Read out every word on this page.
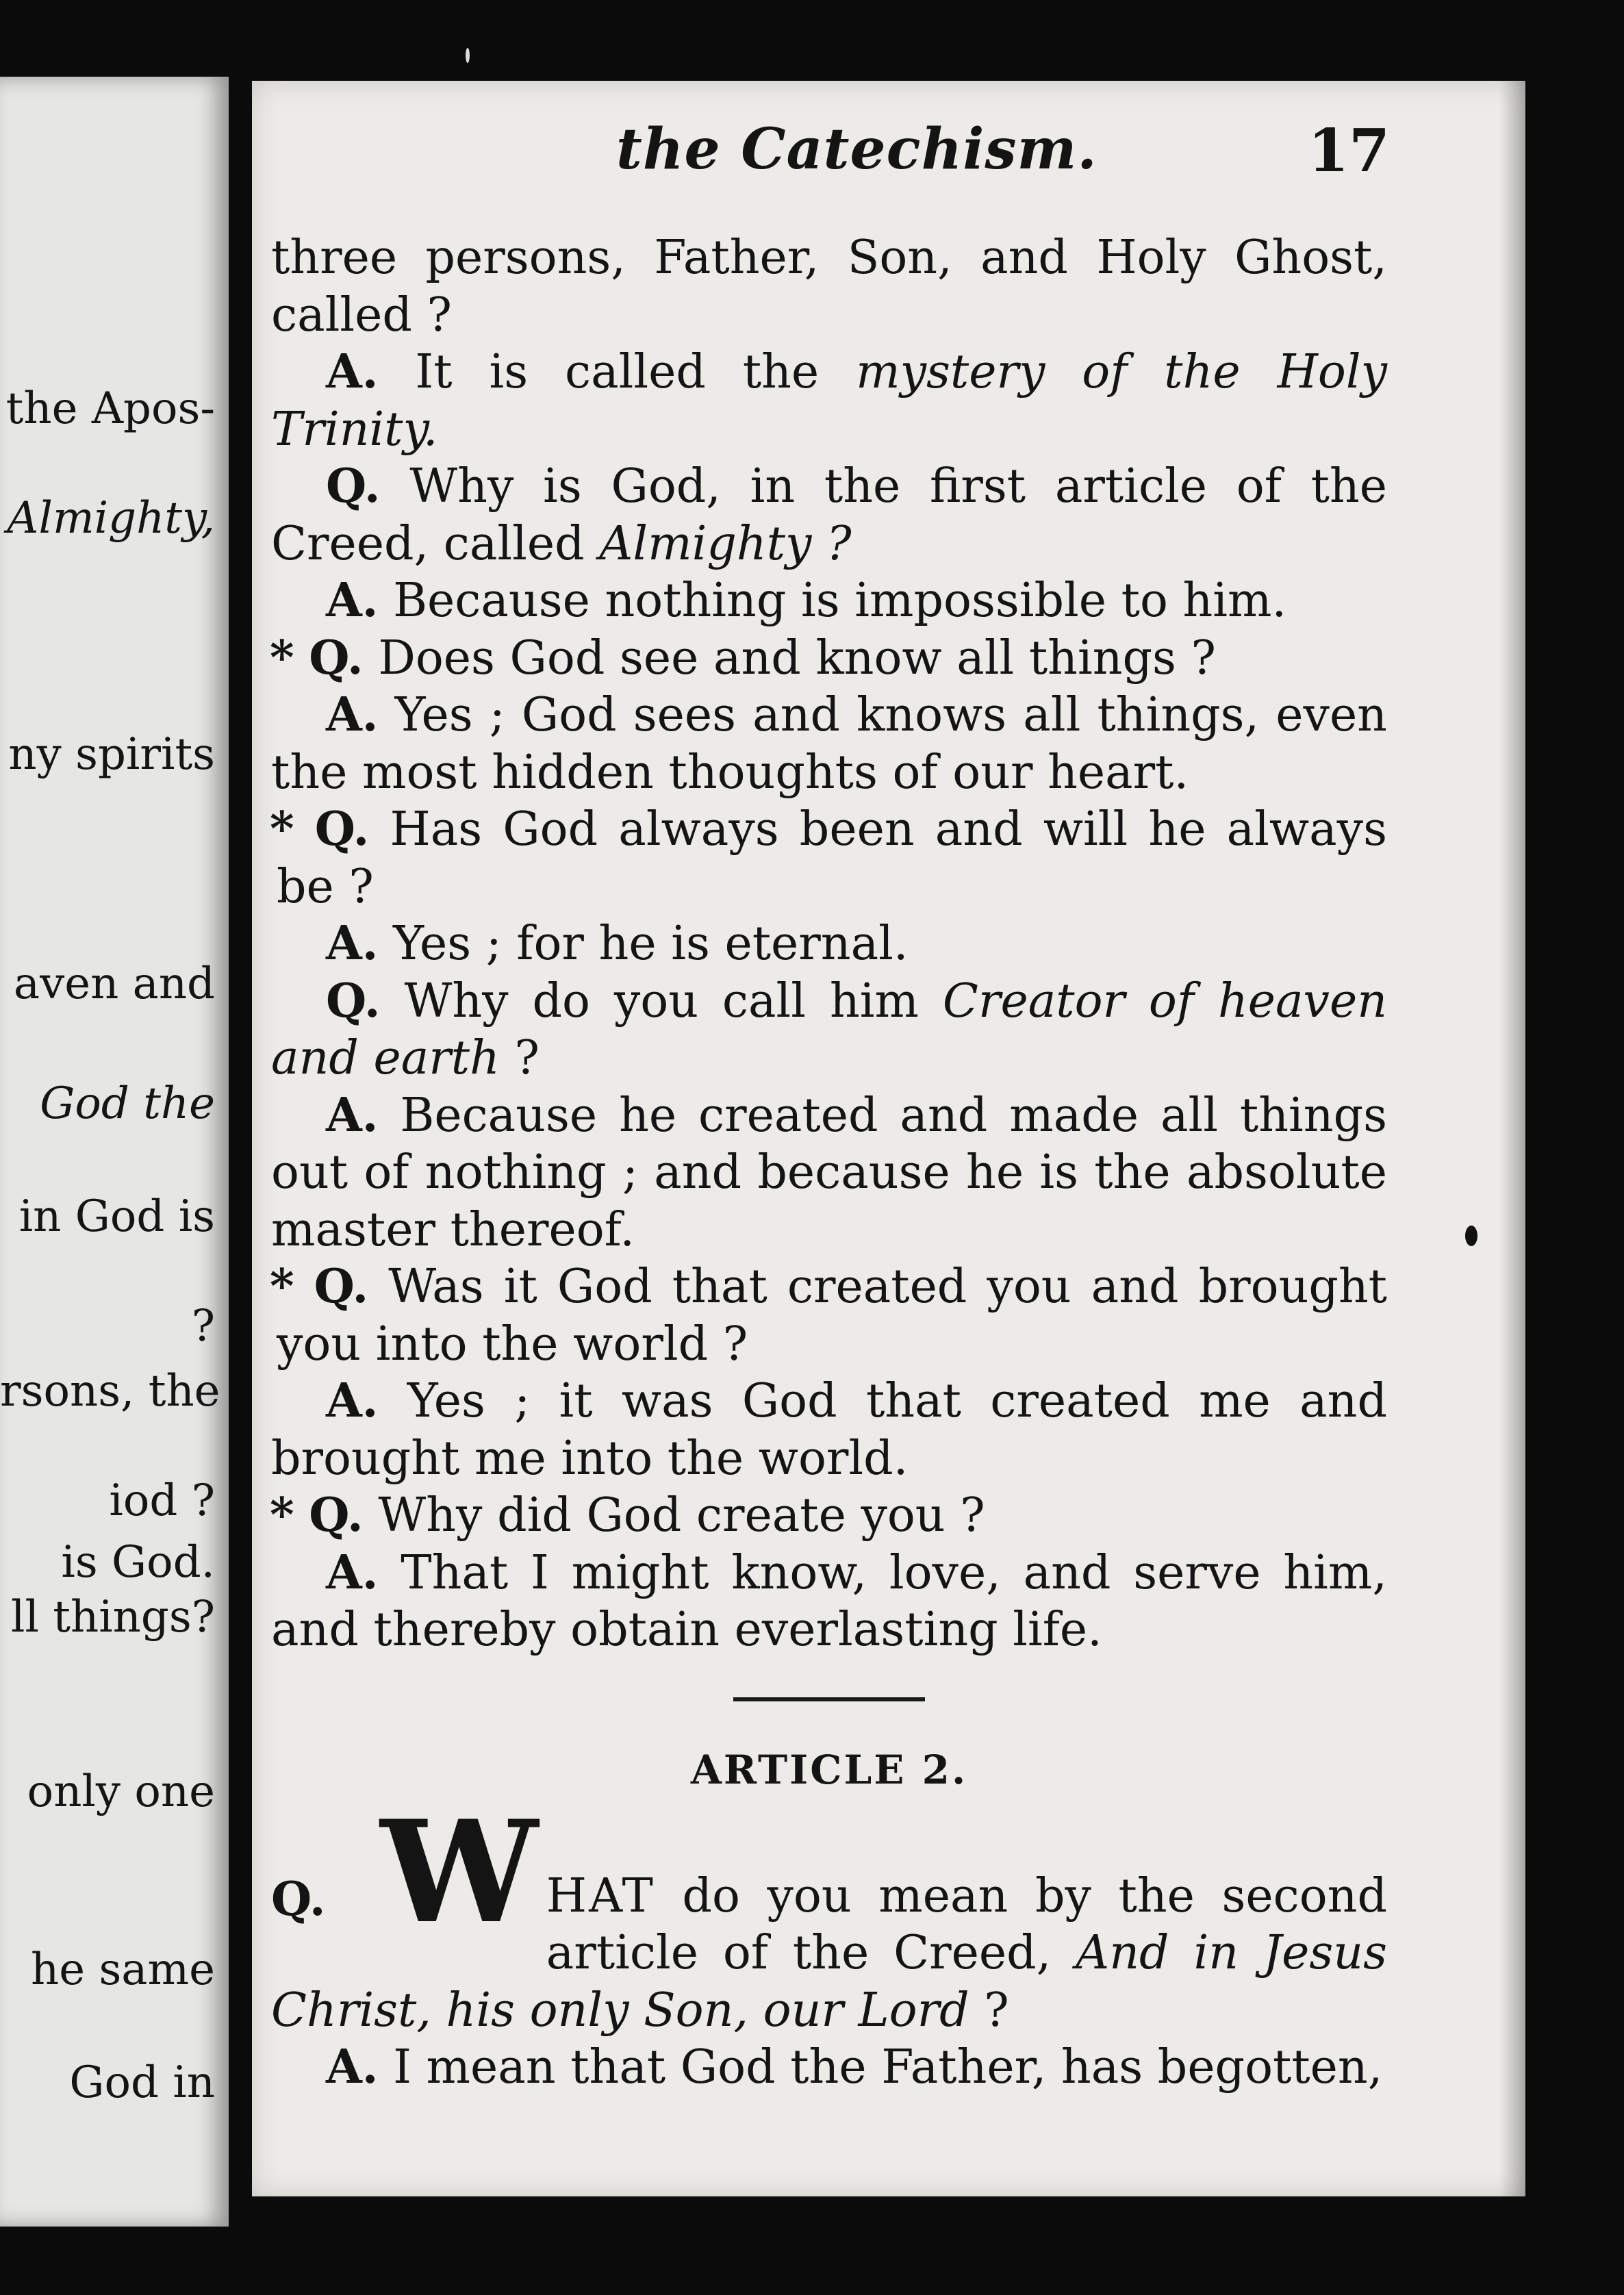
the Apos-
Almighty,
ny spirits
aven and
God the
in God is
?
rsons, the
iod ?
is God.
ll things?
only one
he same
God in
the Catechism.	17

three persons, Father, Son, and Holy Ghost, called ?

A. It is called the mystery of the Holy Trinity.

Q. Why is God, in the first article of the Creed, called Almighty ?

A. Because nothing is impossible to him.

* Q. Does God see and know all things ?

A. Yes ; God sees and knows all things, even the most hidden thoughts of our heart.

* Q. Has God always been and will he always be ?

A. Yes ; for he is eternal.

Q. Why do you call him Creator of heaven and earth ?

A. Because he created and made all things out of nothing ; and because he is the absolute master thereof.

* Q. Was it God that created you and brought you into the world ?

A. Yes ; it was God that created me and brought me into the world.

* Q. Why did God create you ?

A. That I might know, love, and serve him, and thereby obtain everlasting life.

ARTICLE 2.

Q. W HAT do you mean by the second article of the Creed, And in Jesus Christ, his only Son, our Lord ?

A. I mean that God the Father, has begotten,
